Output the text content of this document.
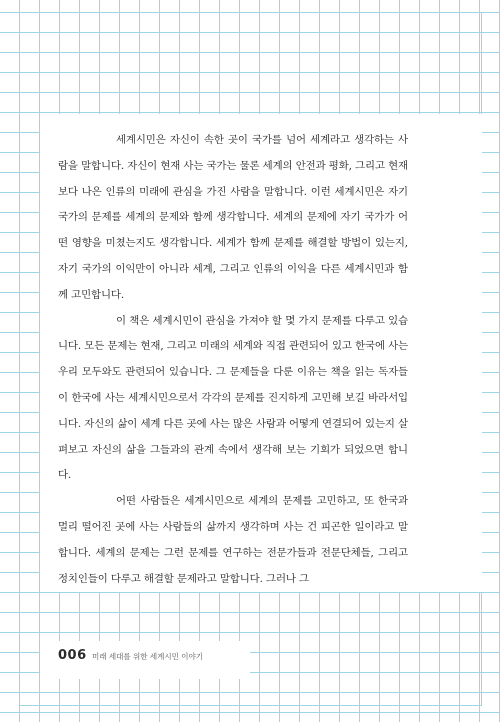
세계시민은 자신이 속한 곳이 국가를 넘어 세계라고 생각하는 사람을 말합니다. 자신이 현재 사는 국가는 물론 세계의 안전과 평화, 그리고 현재보다 나은 인류의 미래에 관심을 가진 사람을 말합니다. 이런 세계시민은 자기 국가의 문제를 세계의 문제와 함께 생각합니다. 세계의 문제에 자기 국가가 어떤 영향을 미쳤는지도 생각합니다. 세계가 함께 문제를 해결할 방법이 있는지, 자기 국가의 이익만이 아니라 세계, 그리고 인류의 이익을 다른 세계시민과 함께 고민합니다.

이 책은 세계시민이 관심을 가져야 할 몇 가지 문제를 다루고 있습니다. 모든 문제는 현재, 그리고 미래의 세계와 직접 관련되어 있고 한국에 사는 우리 모두와도 관련되어 있습니다. 그 문제들을 다룬 이유는 책을 읽는 독자들이 한국에 사는 세계시민으로서 각각의 문제를 진지하게 고민해 보길 바라서입니다. 자신의 삶이 세계 다른 곳에 사는 많은 사람과 어떻게 연결되어 있는지 살펴보고 자신의 삶을 그들과의 관계 속에서 생각해 보는 기회가 되었으면 합니다.

어떤 사람들은 세계시민으로 세계의 문제를 고민하고, 또 한국과 멀리 떨어진 곳에 사는 사람들의 삶까지 생각하며 사는 건 피곤한 일이라고 말합니다. 세계의 문제는 그런 문제를 연구하는 전문가들과 전문단체들, 그리고 정치인들이 다루고 해결할 문제라고 말합니다. 그러나 그

006 미래 세대를 위한 세계시민 이야기
